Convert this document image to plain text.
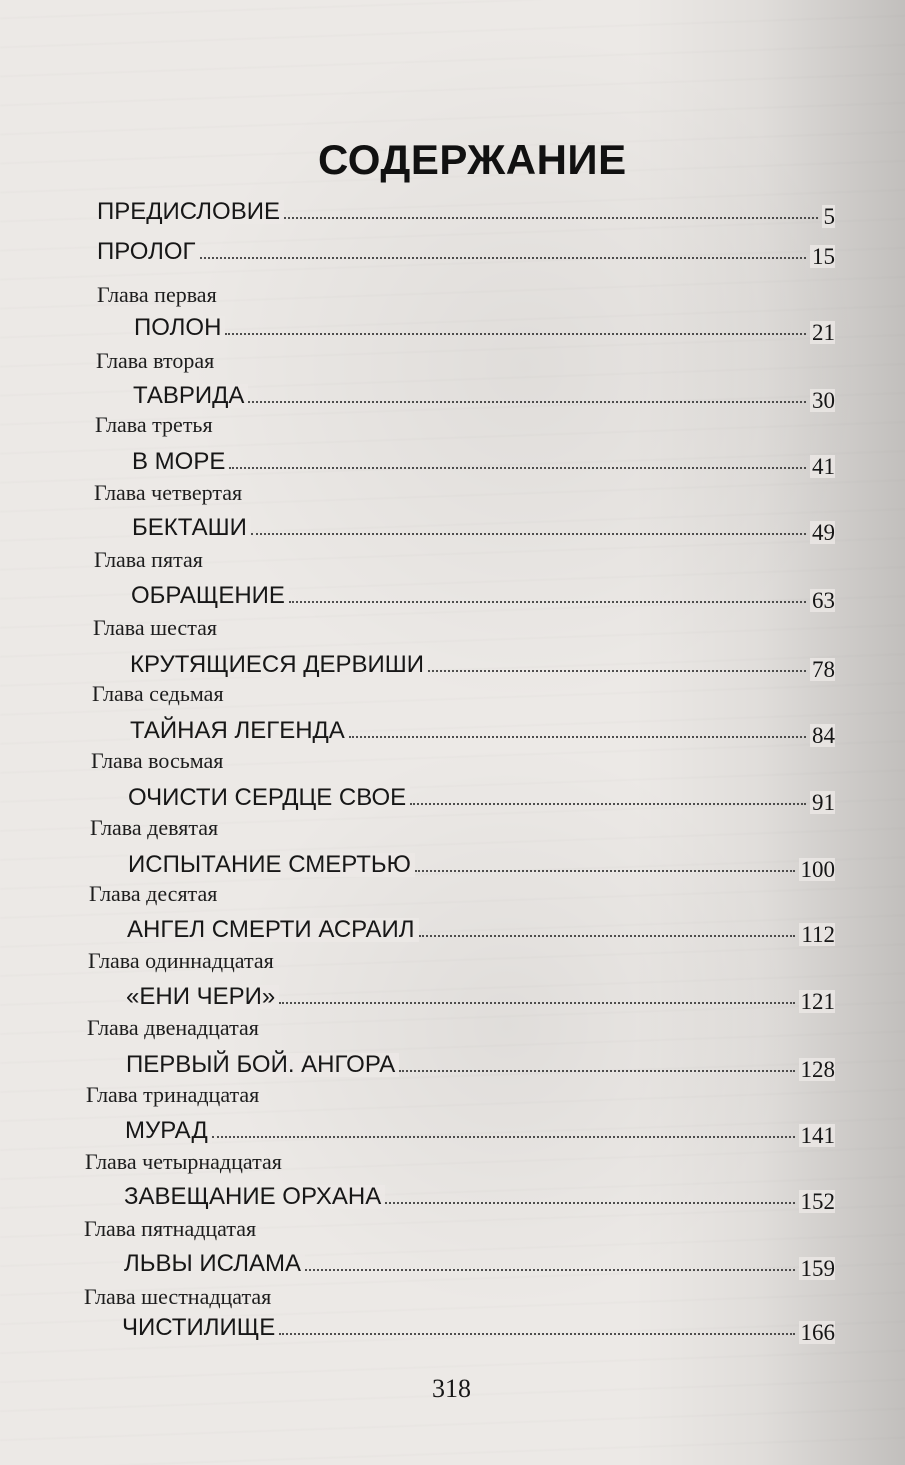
СОДЕРЖАНИЕ
ПРЕДИСЛОВИЕ	5
ПРОЛОГ	15
Глава первая
ПОЛОН	21
Глава вторая
ТАВРИДА	30
Глава третья
В МОРЕ	41
Глава четвертая
БЕКТАШИ	49
Глава пятая
ОБРАЩЕНИЕ	63
Глава шестая
КРУТЯЩИЕСЯ ДЕРВИШИ	78
Глава седьмая
ТАЙНАЯ ЛЕГЕНДА	84
Глава восьмая
ОЧИСТИ СЕРДЦЕ СВОЕ	91
Глава девятая
ИСПЫТАНИЕ СМЕРТЬЮ	100
Глава десятая
АНГЕЛ СМЕРТИ АСРАИЛ	112
Глава одиннадцатая
«ЕНИ ЧЕРИ»	121
Глава двенадцатая
ПЕРВЫЙ БОЙ. АНГОРА	128
Глава тринадцатая
МУРАД	141
Глава четырнадцатая
ЗАВЕЩАНИЕ ОРХАНА	152
Глава пятнадцатая
ЛЬВЫ ИСЛАМА	159
Глава шестнадцатая
ЧИСТИЛИЩЕ	166
318
